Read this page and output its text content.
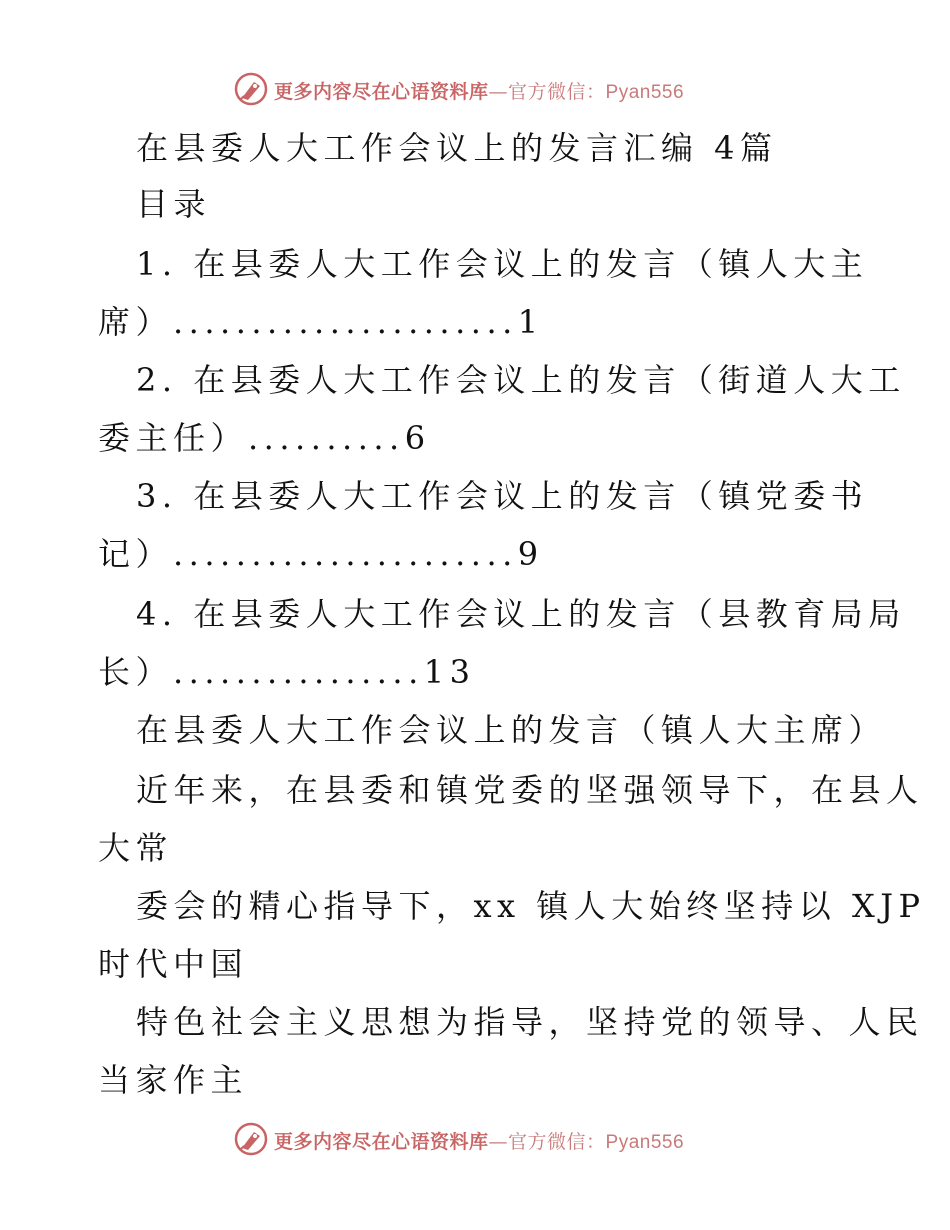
更多内容尽在心语资料库—官方微信：Pyan556
在县委人大工作会议上的发言汇编 4篇
目录
1. 在县委人大工作会议上的发言（镇人大主
席）......................1
2. 在县委人大工作会议上的发言（街道人大工
委主任）..........6
3. 在县委人大工作会议上的发言（镇党委书
记）......................9
4. 在县委人大工作会议上的发言（县教育局局
长）................13
在县委人大工作会议上的发言（镇人大主席）
近年来，在县委和镇党委的坚强领导下，在县人
大常
委会的精心指导下，xx 镇人大始终坚持以 XJP
时代中国
特色社会主义思想为指导，坚持党的领导、人民
当家作主
更多内容尽在心语资料库—官方微信：Pyan556
